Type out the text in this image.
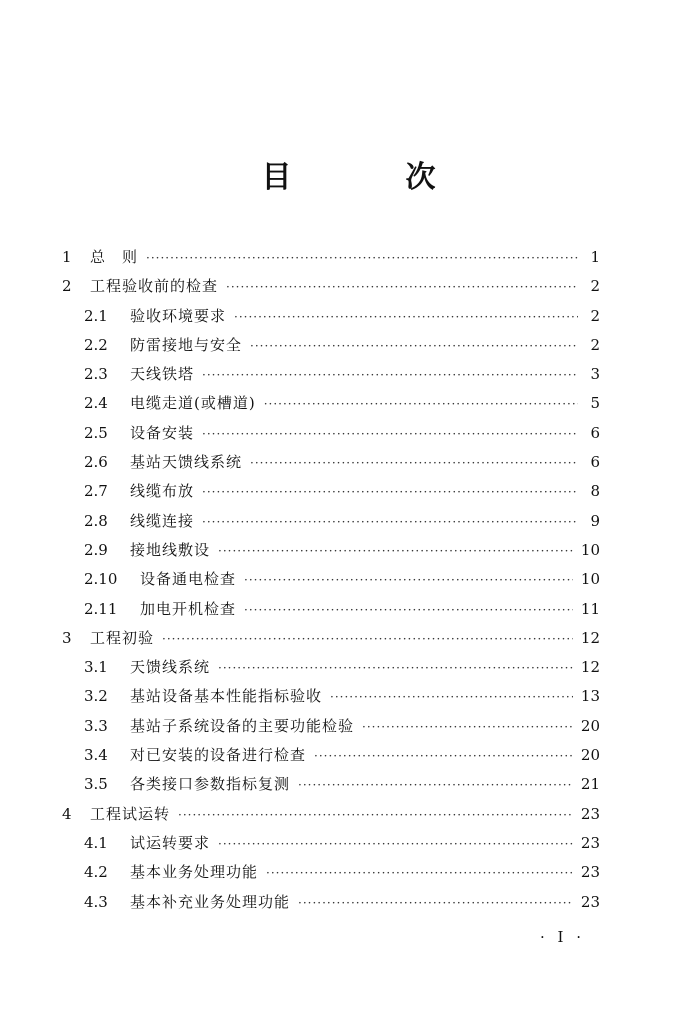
目　次
1	总　则 ·····	1
2	工程验收前的检查 ·····	2
2.1	验收环境要求 ·····	2
2.2	防雷接地与安全 ·····	2
2.3	天线铁塔 ·····	3
2.4	电缆走道(或槽道) ·····	5
2.5	设备安装 ·····	6
2.6	基站天馈线系统 ·····	6
2.7	线缆布放 ·····	8
2.8	线缆连接 ·····	9
2.9	接地线敷设 ·····	10
2.10	设备通电检查 ·····	10
2.11	加电开机检查 ·····	11
3	工程初验 ·····	12
3.1	天馈线系统 ·····	12
3.2	基站设备基本性能指标验收 ·····	13
3.3	基站子系统设备的主要功能检验 ·····	20
3.4	对已安装的设备进行检查 ·····	20
3.5	各类接口参数指标复测 ·····	21
4	工程试运转 ·····	23
4.1	试运转要求 ·····	23
4.2	基本业务处理功能 ·····	23
4.3	基本补充业务处理功能 ·····	23
· I ·
